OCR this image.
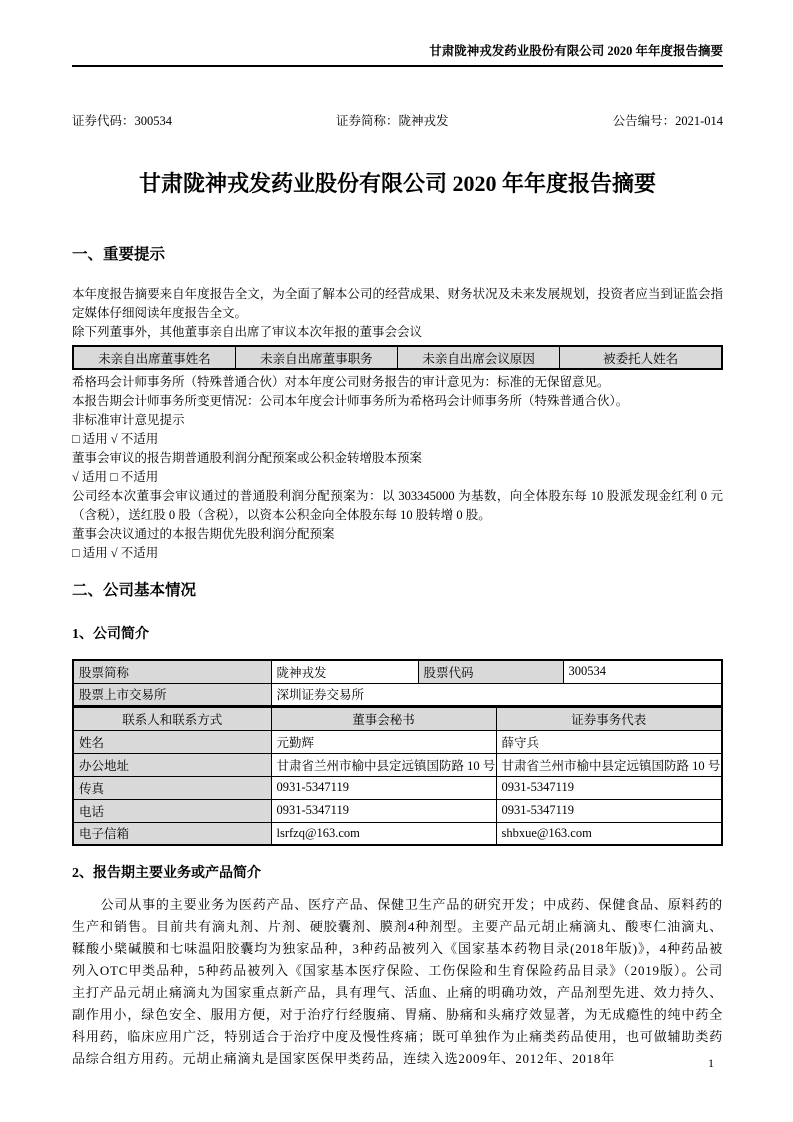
甘肃陇神戎发药业股份有限公司 2020 年年度报告摘要
证券代码：300534	证券简称：陇神戎发	公告编号：2021-014
甘肃陇神戎发药业股份有限公司 2020 年年度报告摘要
一、重要提示

本年度报告摘要来自年度报告全文，为全面了解本公司的经营成果、财务状况及未来发展规划，投资者应当到证监会指定媒体仔细阅读年度报告全文。

除下列董事外，其他董事亲自出席了审议本次年报的董事会会议

未亲自出席董事姓名	未亲自出席董事职务	未亲自出席会议原因	被委托人姓名

希格玛会计师事务所（特殊普通合伙）对本年度公司财务报告的审计意见为：标准的无保留意见。

本报告期会计师事务所变更情况：公司本年度会计师事务所为希格玛会计师事务所（特殊普通合伙）。

非标准审计意见提示

□ 适用 √ 不适用

董事会审议的报告期普通股利润分配预案或公积金转增股本预案

√ 适用 □ 不适用

公司经本次董事会审议通过的普通股利润分配预案为：以 303345000 为基数，向全体股东每 10 股派发现金红利 0 元（含税），送红股 0 股（含税），以资本公积金向全体股东每 10 股转增 0 股。

董事会决议通过的本报告期优先股利润分配预案

□ 适用 √ 不适用

二、公司基本情况
1、公司简介
股票简称	陇神戎发	股票代码	300534
股票上市交易所	深圳证券交易所		
联系人和联系方式	董事会秘书	证券事务代表
姓名	元勤辉	薛守兵
办公地址	甘肃省兰州市榆中县定远镇国防路 10 号	甘肃省兰州市榆中县定远镇国防路 10 号
传真	0931-5347119	0931-5347119
电话	0931-5347119	0931-5347119
电子信箱	lsrfzq@163.com	shbxue@163.com
2、报告期主要业务或产品简介

公司从事的主要业务为医药产品、医疗产品、保健卫生产品的研究开发；中成药、保健食品、原料药的生产和销售。目前共有滴丸剂、片剂、硬胶囊剂、膜剂4种剂型。主要产品元胡止痛滴丸、酸枣仁油滴丸、鞣酸小檗碱膜和七味温阳胶囊均为独家品种，3种药品被列入《国家基本药物目录(2018年版)》，4种药品被列入OTC甲类品种，5种药品被列入《国家基本医疗保险、工伤保险和生育保险药品目录》（2019版）。公司主打产品元胡止痛滴丸为国家重点新产品，具有理气、活血、止痛的明确功效，产品剂型先进、效力持久、副作用小，绿色安全、服用方便，对于治疗行经腹痛、胃痛、胁痛和头痛疗效显著，为无成瘾性的纯中药全科用药，临床应用广泛，特别适合于治疗中度及慢性疼痛；既可单独作为止痛类药品使用，也可做辅助类药品综合组方用药。元胡止痛滴丸是国家医保甲类药品，连续入选2009年、2012年、2018年	1
